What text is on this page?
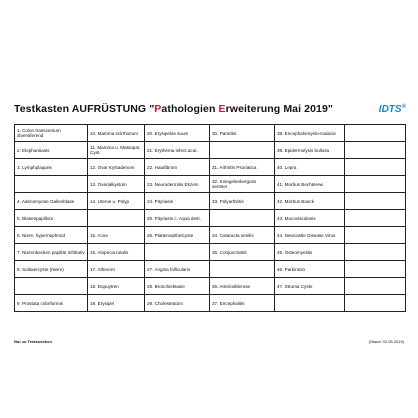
Testkasten AUFRÜSTUNG "Pathologien Erweiterung Mai 2019"	IDTS®
1. Colon transversum diversiferend	10. Mamma scirrhosum	20. Erysipelas suum	30. Parotitis	38. Encephalomyelo-malacie	
2. Elephantiasis	11. Mamma u. Mastopat. Cyst.	21. Erythema infect.acut.		39. Epidermolysis bullosa	
3. Lymphplaques	12. Ovar Kystadenom	22. Hautfibrom	31. Arthritis Psoriatica	40. Lepra	
	13. Ovarialkystom	23. Neurodermitis Ekzem	32. Kniegelenkerguss seröser	41. Morbus Bechterew	
4. Adenomyose Gallenblase	14. Uterus u. Polyp	24. Pityriasis	33. Polyarthritis	42. Morbus Boeck	
5. Blasenpapillom		25. Pityriasis c. Aqua dest.		43. Mucoviscidosis	
6. Niere, hypernephroid	15. Acne	26. Plattenepithelcyste	34. Cataracta senilis	44. Newcastle Disease Virus	
7. Nierenbecken papillär infiltrativ	16. Alopecia totalis		35. Conjunctivitis	45. Osteomyelitis	
8. Solitaercyste (Niere)	17. Atherom	27. Angina follicularis		46. Parkinson	
	18. Dupuytren	28. Bronchiektasie	36. Arteriosklerose	47. Struma Cyste	
9. Prostata cribriformis	19. Erysipel	29. Cholesteatom	37. Encephalitis		
Nur zu Testzwecken	(Stand: 02.05.2019)
